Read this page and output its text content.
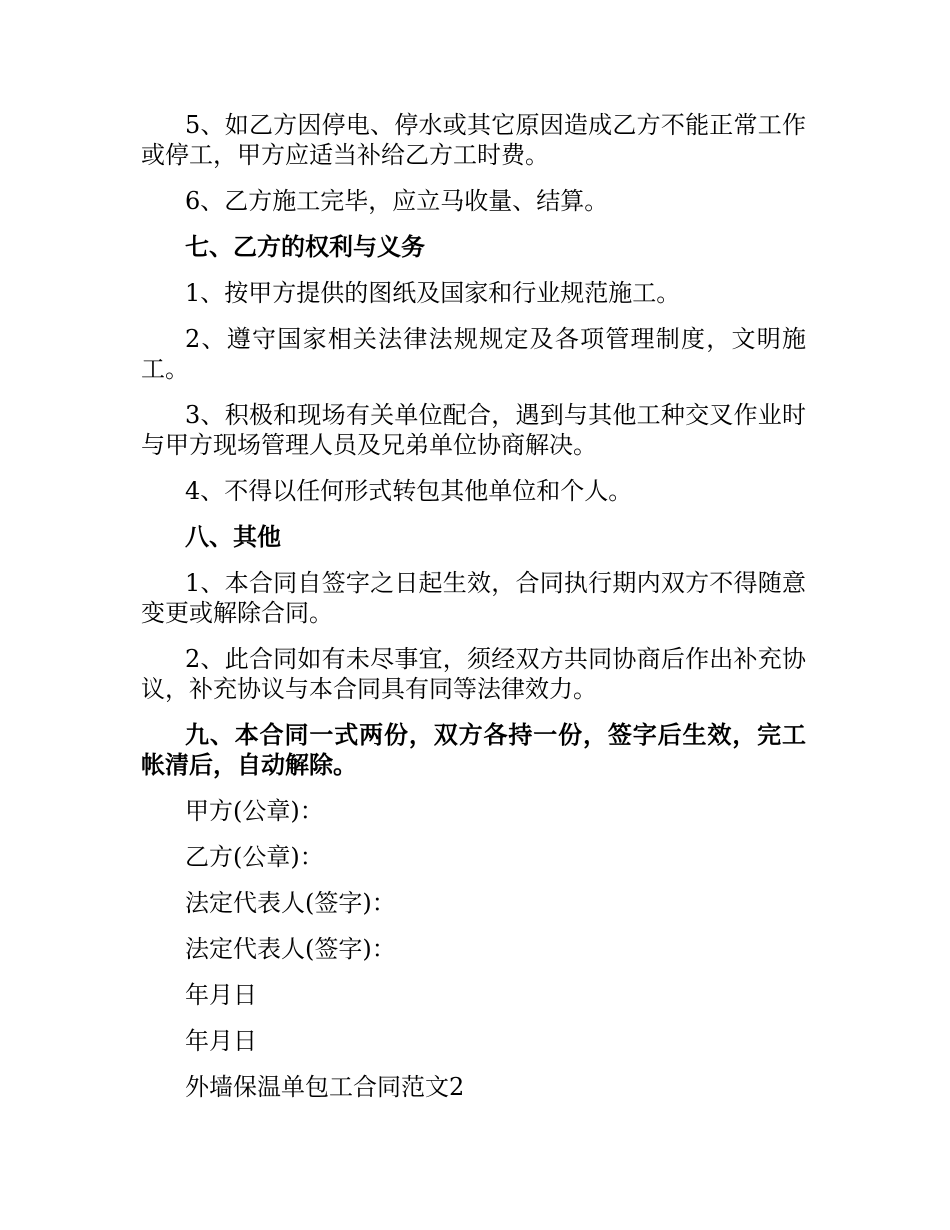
5、如乙方因停电、停水或其它原因造成乙方不能正常工作或停工，甲方应适当补给乙方工时费。

6、乙方施工完毕，应立马收量、结算。

七、乙方的权利与义务

1、按甲方提供的图纸及国家和行业规范施工。

2、遵守国家相关法律法规规定及各项管理制度，文明施工。

3、积极和现场有关单位配合，遇到与其他工种交叉作业时与甲方现场管理人员及兄弟单位协商解决。

4、不得以任何形式转包其他单位和个人。

八、其他

1、本合同自签字之日起生效，合同执行期内双方不得随意变更或解除合同。

2、此合同如有未尽事宜，须经双方共同协商后作出补充协议，补充协议与本合同具有同等法律效力。

九、本合同一式两份，双方各持一份，签字后生效，完工帐清后，自动解除。

甲方(公章)：

乙方(公章)：

法定代表人(签字)：

法定代表人(签字)：

年月日

年月日

外墙保温单包工合同范文2
